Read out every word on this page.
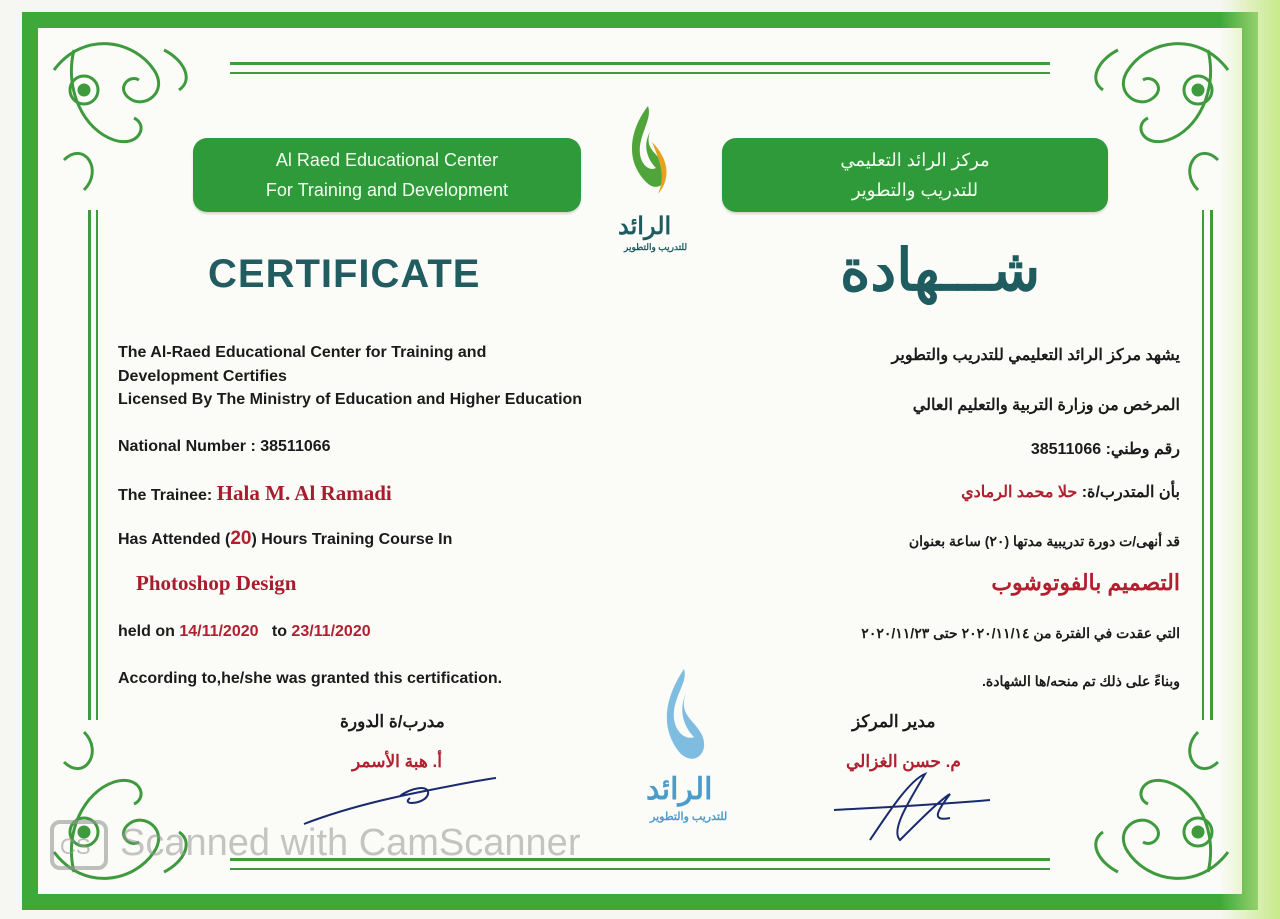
Al Raed Educational Center
For Training and Development
مركز الرائد التعليمي
للتدريب والتطوير
الرائد
للتدريب والتطوير
CERTIFICATE	شـــهادة
The Al-Raed Educational Center for Training and
Development Certifies
Licensed By The Ministry of Education and Higher Education
National Number : 38511066
The Trainee: Hala M. Al Ramadi
Has Attended (20) Hours Training Course In
Photoshop Design
held on 14/11/2020 to 23/11/2020
According to,he/she was granted this certification.
يشهد مركز الرائد التعليمي للتدريب والتطوير
المرخص من وزارة التربية والتعليم العالي
رقم وطني: 38511066
بأن المتدرب/ة: حلا محمد الرمادي
قد أنهى/ت دورة تدريبية مدتها (٢٠) ساعة بعنوان
التصميم بالفوتوشوب
التي عقدت في الفترة من ٢٠٢٠/١١/١٤ حتى ٢٠٢٠/١١/٢٣
وبناءً على ذلك تم منحه/ها الشهادة.
مدرب/ة الدورة
أ. هبة الأسمر
مدير المركز
م. حسن الغزالي
الرائد
للتدريب والتطوير
CS Scanned with CamScanner
